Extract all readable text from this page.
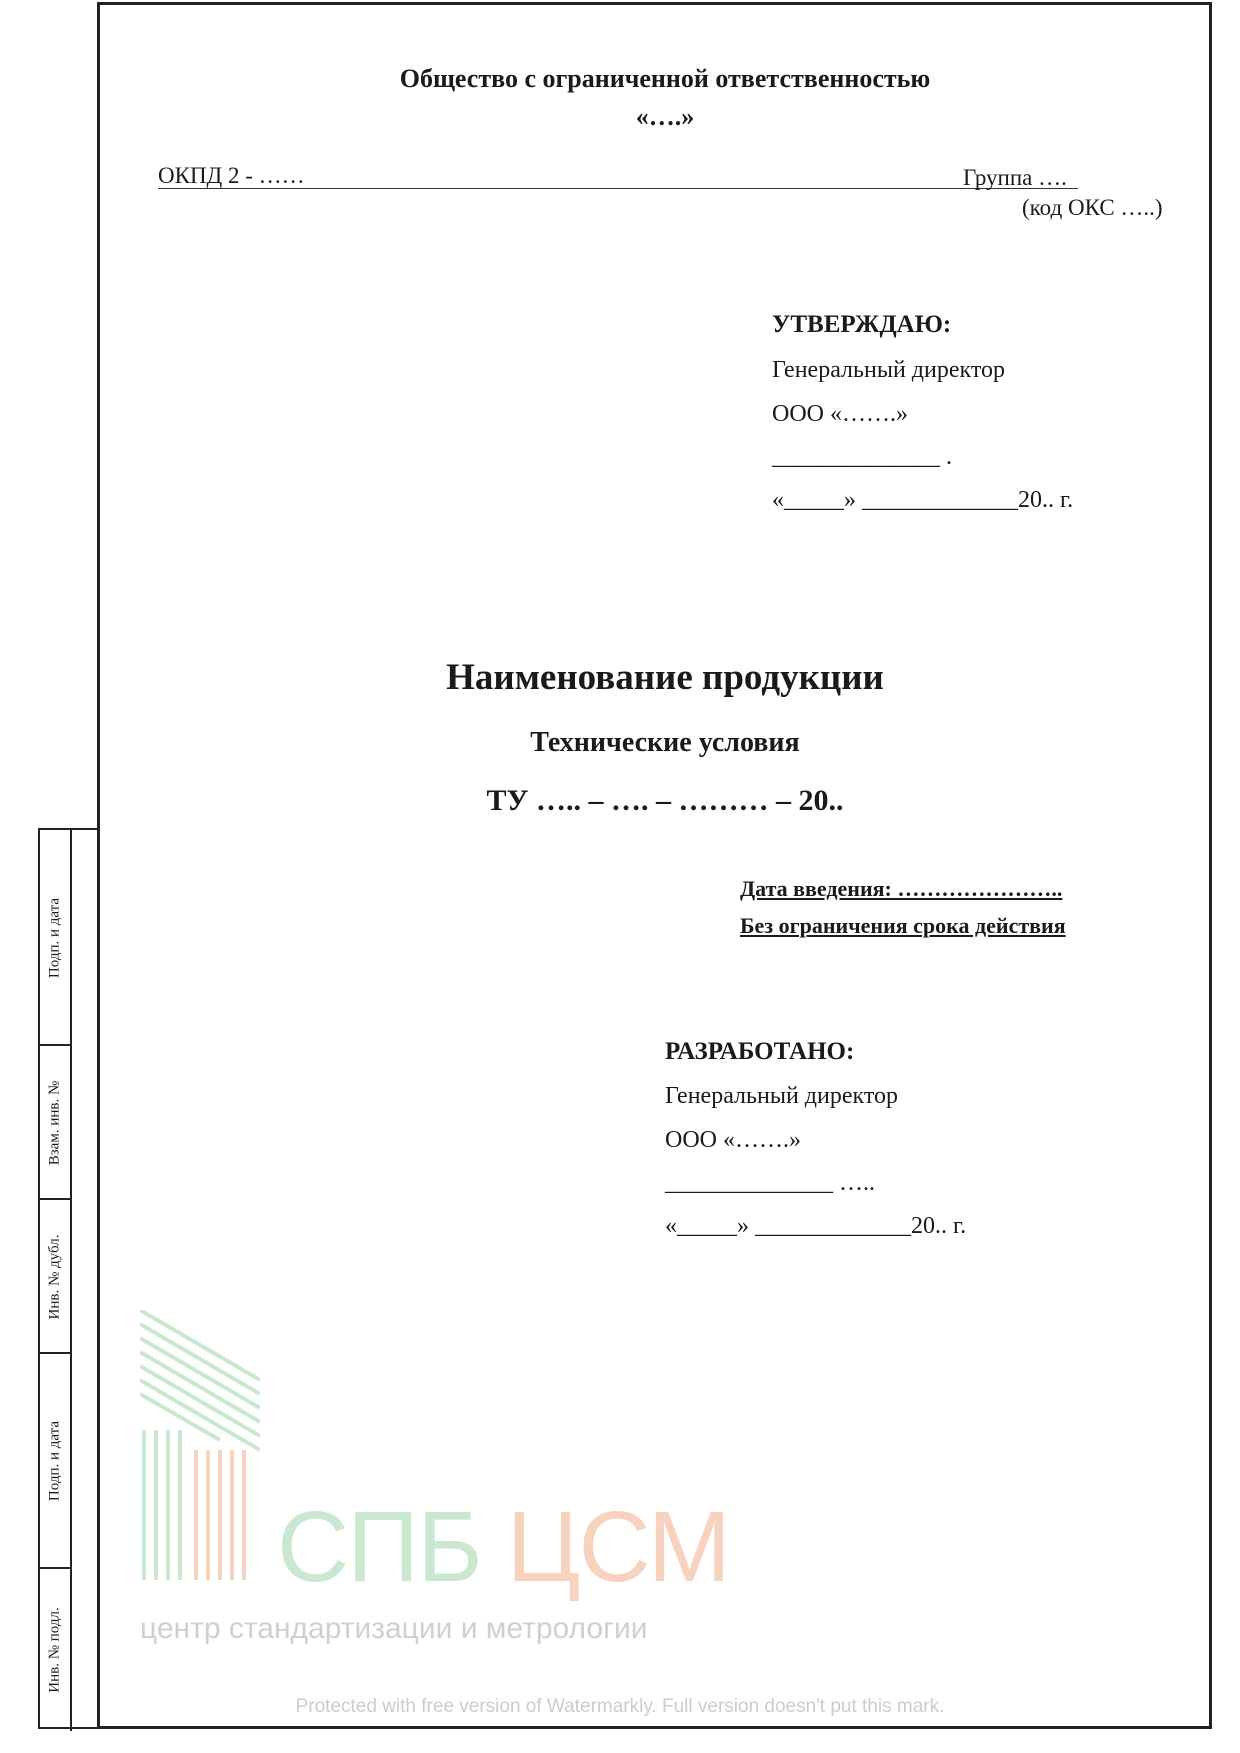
Общество с ограниченной ответственностью
«….»
ОКПД 2 - ……	Группа ….
(код ОКС …..)
УТВЕРЖДАЮ:
Генеральный директор
ООО «…….»
______________ .
«_____» _____________20.. г.
Наименование продукции
Технические условия
ТУ ….. – …. – ……… – 20..
Дата введения: …………………..
Без ограничения срока действия
РАЗРАБОТАНО:
Генеральный директор
ООО «…….»
______________ …..
«_____» _____________20.. г.
Подп. и дата
Взам. инв. №
Инв. № дубл.
Подп. и дата
Инв. № подл.
СПБ ЦСМ
центр стандартизации и метрологии
Protected with free version of Watermarkly. Full version doesn't put this mark.
